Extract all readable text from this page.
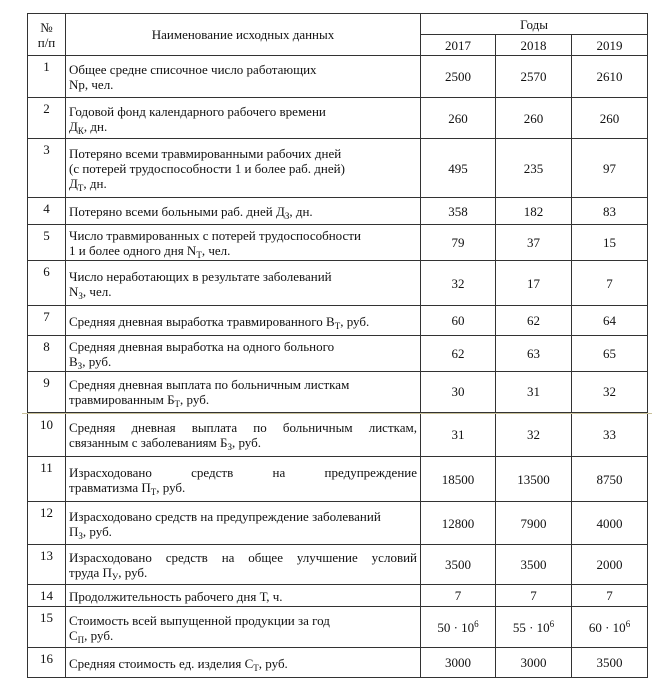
№
п/п	Наименование исходных данных	Годы		
		2017	2018	2019
1	Общее средне списочное число работающих
Nр, чел.	2500	2570	2610
2	Годовой фонд календарного рабочего времени
$Д_К$, дн.	260	260	260
3	Потеряно всеми травмированными рабочих дней
(с потерей трудоспособности 1 и более раб. дней)
$Д_Т$, дн.	495	235	97
4	Потеряно всеми больными раб. дней $Д_З$, дн.	358	182	83
5	Число травмированных с потерей трудоспособности
1 и более одного дня $N_Т$, чел.	79	37	15
6	Число неработающих в результате заболеваний
$N_З$, чел.	32	17	7
7	Средняя дневная выработка травмированного $В_Т$, руб.	60	62	64
8	Средняя дневная выработка на одного больного
$В_З$, руб.	62	63	65
9	Средняя дневная выплата по больничным листкам
травмированным $Б_Т$, руб.	30	31	32
10	Средняя дневная выплата по больничным листкам,
связанным с заболеваниям $Б_З$, руб.	31	32	33
11	Израсходовано средств на предупреждение
травматизма $П_Т$, руб.	18500	13500	8750
12	Израсходовано средств на предупреждение заболеваний
$П_З$, руб.	12800	7900	4000
13	Израсходовано средств на общее улучшение условий
труда $П_У$, руб.	3500	3500	2000
14	Продолжительность рабочего дня Т, ч.	7	7	7
15	Стоимость всей выпущенной продукции за год
$С_П$, руб.	$50 \cdot 10^6$	$55 \cdot 10^6$	$60 \cdot 10^6$
16	Средняя стоимость ед. изделия $С_Т$, руб.	3000	3000	3500
